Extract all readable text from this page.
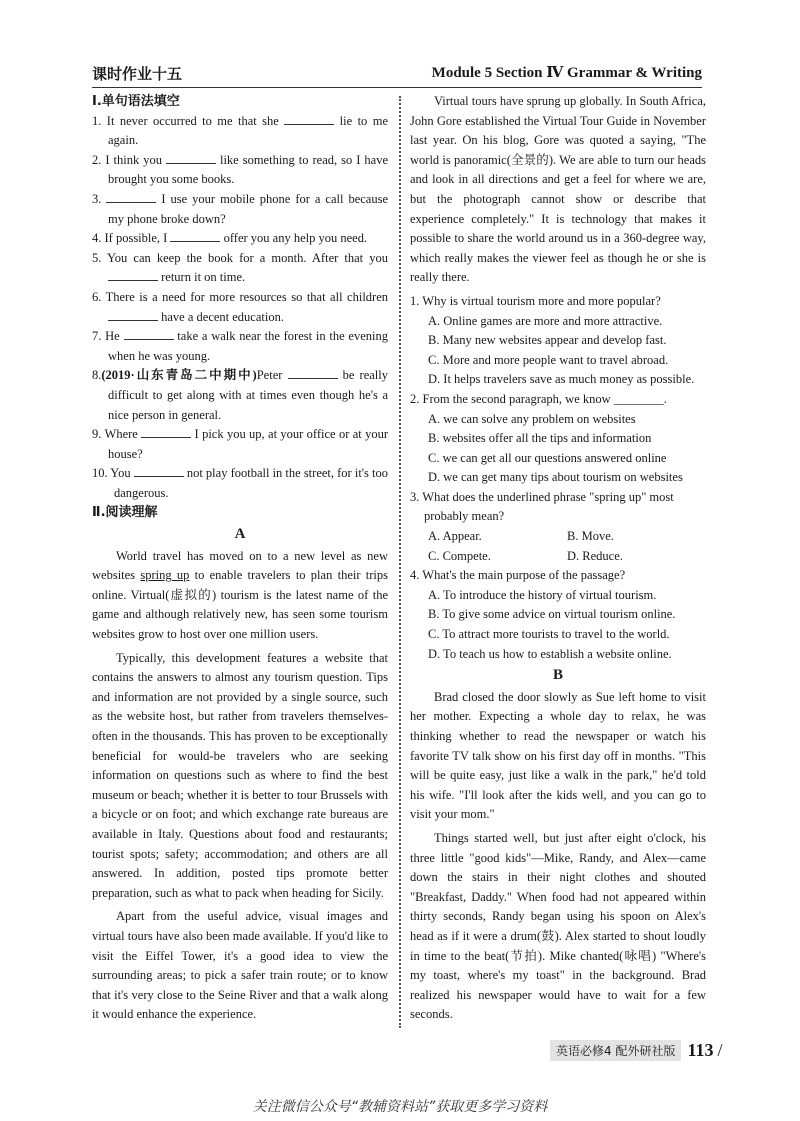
课时作业十五	Module 5 Section Ⅳ Grammar & Writing

Ⅰ.单句语法填空

1. It never occurred to me that she	lie to me again.

2. I think you	like something to read, so I have brought you some books.

3.	I use your mobile phone for a call because my phone broke down?

4. If possible, I	offer you any help you need.

5. You can keep the book for a month. After that you  return it on time.

6. There is a need for more resources so that all children  have a decent education.

7. He	take a walk near the forest in the evening when he was young.

8.(2019·山东青岛二中期中)Peter	be really difficult to get along with at times even though he's a nice person in general.

9. Where	I pick you up, at your office or at your house?

10. You	not play football in the street, for it's too dangerous.

Ⅱ.阅读理解

A

World travel has moved on to a new level as new websites spring up to enable travelers to plan their trips online. Virtual(虚拟的) tourism is the latest name of the game and although relatively new, has seen some tourism websites grow to host over one million users.

Typically, this development features a website that contains the answers to almost any tourism question. Tips and information are not provided by a single source, such as the website host, but rather from travelers themselves-often in the thousands. This has proven to be exceptionally beneficial for would-be travelers who are seeking information on questions such as where to find the best museum or beach; whether it is better to tour Brussels with a bicycle or on foot; and which exchange rate bureaus are available in Italy. Questions about food and restaurants; tourist spots; safety; accommodation; and others are all answered. In addition, posted tips promote better preparation, such as what to pack when heading for Sicily.

Apart from the useful advice, visual images and virtual tours have also been made available. If you'd like to visit the Eiffel Tower, it's a good idea to view the surrounding areas; to pick a safer train route; or to know that it's very close to the Seine River and that a walk along it would enhance the experience.

Virtual tours have sprung up globally. In South Africa, John Gore established the Virtual Tour Guide in November last year. On his blog, Gore was quoted a saying, "The world is panoramic(全景的). We are able to turn our heads and look in all directions and get a feel for where we are, but the photograph cannot show or describe that experience completely." It is technology that makes it possible to share the world around us in a 360-degree way, which really makes the viewer feel as though he or she is really there.

1. Why is virtual tourism more and more popular?

A. Online games are more and more attractive.

B. Many new websites appear and develop fast.

C. More and more people want to travel abroad.

D. It helps travelers save as much money as possible.

2. From the second paragraph, we know ________.

A. we can solve any problem on websites

B. websites offer all the tips and information

C. we can get all our questions answered online

D. we can get many tips about tourism on websites

3. What does the underlined phrase "spring up" most probably mean?

A. Appear.	B. Move.
C. Compete.	D. Reduce.

4. What's the main purpose of the passage?

A. To introduce the history of virtual tourism.

B. To give some advice on virtual tourism online.

C. To attract more tourists to travel to the world.

D. To teach us how to establish a website online.

B

Brad closed the door slowly as Sue left home to visit her mother. Expecting a whole day to relax, he was thinking whether to read the newspaper or watch his favorite TV talk show on his first day off in months. "This will be quite easy, just like a walk in the park," he'd told his wife. "I'll look after the kids well, and you can go to visit your mom."

Things started well, but just after eight o'clock, his three little "good kids"—Mike, Randy, and Alex—came down the stairs in their night clothes and shouted "Breakfast, Daddy." When food had not appeared within thirty seconds, Randy began using his spoon on Alex's head as if it were a drum(鼓). Alex started to shout loudly in time to the beat(节拍). Mike chanted(咏唱) "Where's my toast, where's my toast" in the background. Brad realized his newspaper would have to wait for a few seconds.

英语必修4 配外研社版 113 /
关注微信公众号“教辅资料站”获取更多学习资料
